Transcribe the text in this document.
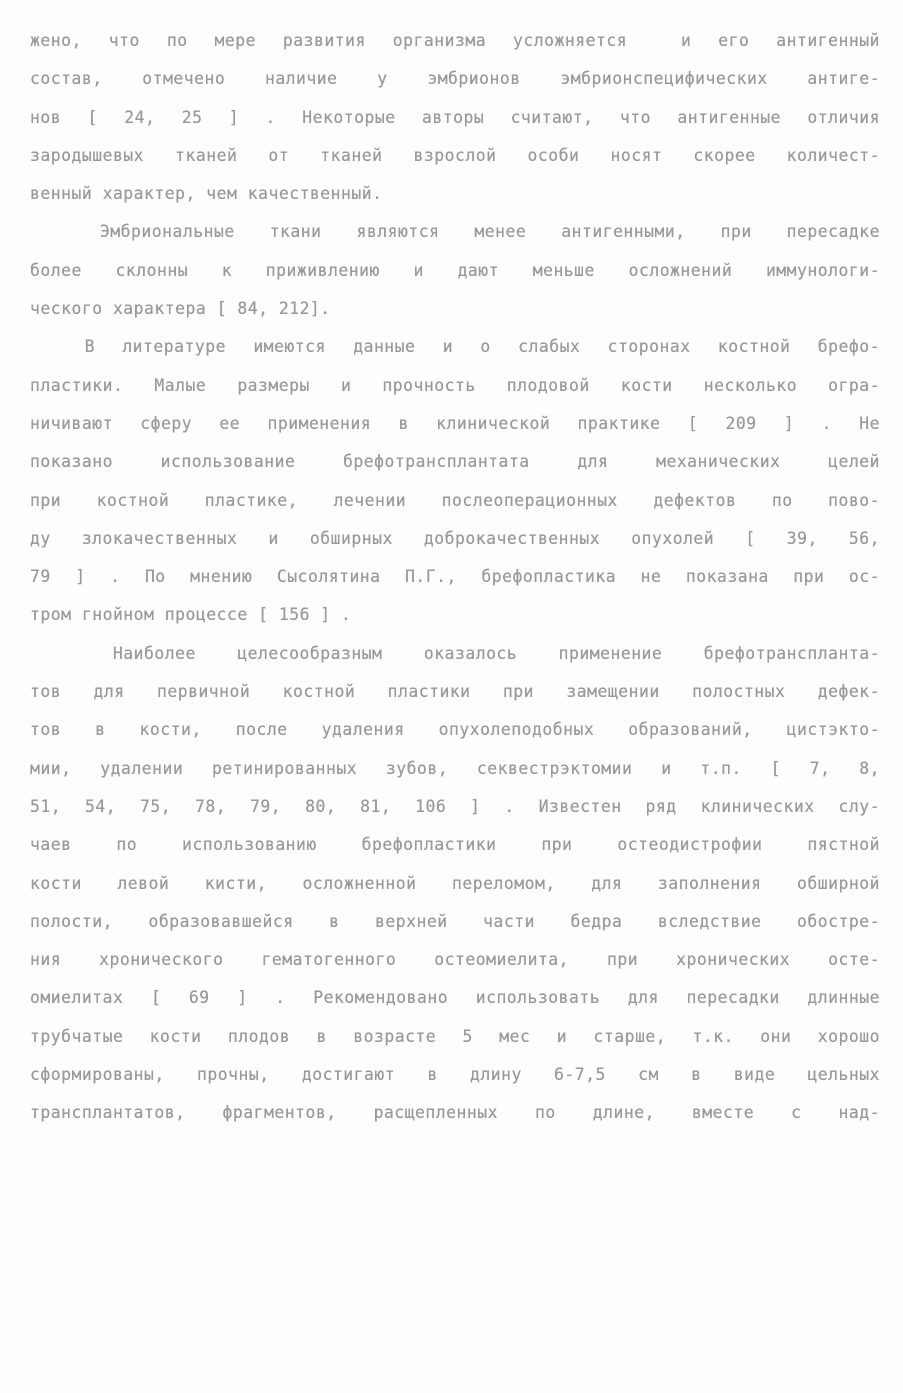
жено, что по мере развития организма усложняется  и его антигенный
состав, отмечено наличие у эмбрионов эмбрионспецифических антиге-
нов [ 24, 25 ] . Некоторые авторы считают, что антигенные отличия
зародышевых тканей от тканей взрослой особи носят скорее количест-
венный характер, чем качественный.
Эмбриональные ткани являются менее антигенными, при пересадке
более склонны к приживлению и дают меньше осложнений иммунологи-
ческого характера [ 84, 212].
В литературе имеются данные и о слабых сторонах костной брефо-
пластики. Малые размеры и прочность плодовой кости несколько огра-
ничивают сферу ее применения в клинической практике [ 209 ] . Не
показано использование брефотрансплантата для механических целей
при костной пластике, лечении послеоперационных дефектов по пово-
ду злокачественных и обширных доброкачественных опухолей [ 39, 56,
79 ] . По мнению Сысолятина П.Г., брефопластика не показана при ос-
тром гнойном процессе [ 156 ] .
Наиболее целесообразным оказалось применение брефотрансплантa-
тов для первичной костной пластики при замещении полостных дефек-
тов в кости, после удаления опухолеподобных образований, цистэкто-
мии, удалении ретинированных зубов, секвестрэктомии и т.п. [ 7, 8,
51, 54, 75, 78, 79, 80, 81, 106 ] . Известен ряд клинических слу-
чаев по использованию брефопластики при остеодистрофии пястной
кости левой кисти, осложненной переломом, для заполнения обширной
полости, образовавшейся в верхней части бедра вследствие обостре-
ния хронического гематогенного остеомиелита, при хронических осте-
омиелитах [ 69 ] . Рекомендовано использовать для пересадки длинные
трубчатые кости плодов в возрасте 5 мес и старше, т.к. они хорошо
сформированы, прочны, достигают в длину 6-7,5 см в виде цельных
трансплантатов, фрагментов, расщепленных по длине, вместе с над-
